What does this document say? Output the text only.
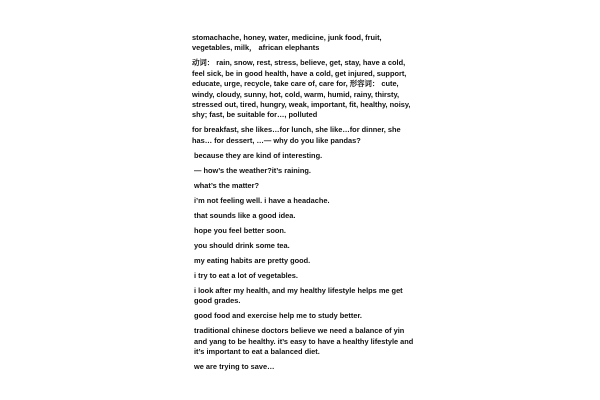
stomachache, honey, water, medicine, junk food, fruit, vegetables, milk， african elephants

动词： rain, snow, rest, stress, believe, get, stay, have a cold, feel sick, be in good health, have a cold, get injured, support, educate, urge, recycle, take care of, care for, 形容词： cute, windy, cloudy, sunny, hot, cold, warm, humid, rainy, thirsty, stressed out, tired, hungry, weak, important, fit, healthy, noisy, shy; fast, be suitable for…, polluted

for breakfast, she likes…for lunch, she like…for dinner, she has… for dessert, …— why do you like pandas?

because they are kind of interesting.

— how’s the weather?it’s raining.

what’s the matter?

i’m not feeling well. i have a headache.

that sounds like a good idea.

hope you feel better soon.

you should drink some tea.

my eating habits are pretty good.

i try to eat a lot of vegetables.

i look after my health, and my healthy lifestyle helps me get good grades.

good food and exercise help me to study better.

traditional chinese doctors believe we need a balance of yin and yang to be healthy. it’s easy to have a healthy lifestyle and it’s important to eat a balanced diet.

we are trying to save…
